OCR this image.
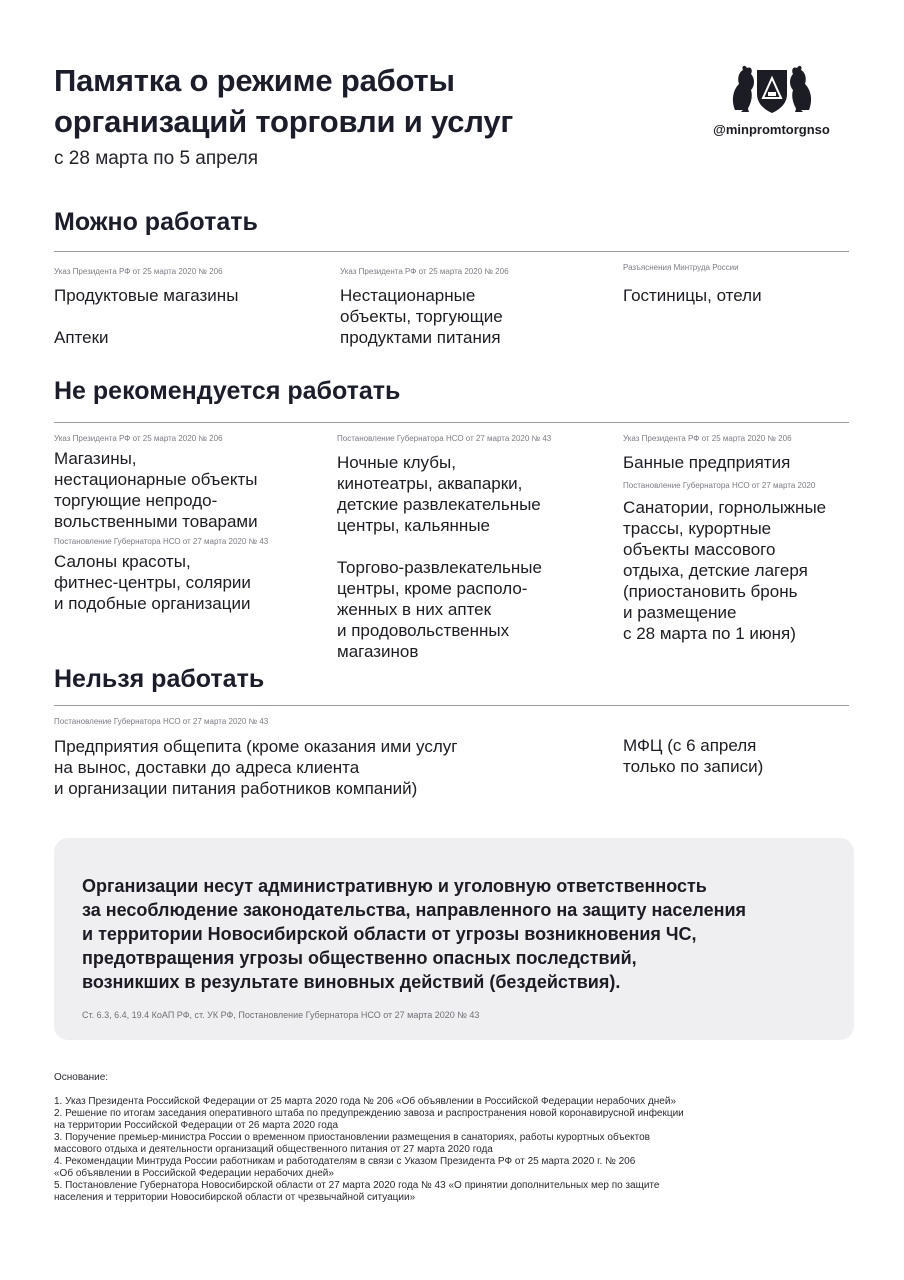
Памятка о режиме работы
организаций торговли и услуг
с 28 марта по 5 апреля
@minpromtorgnso
Можно работать
Указ Президента РФ от 25 марта 2020 № 206
Продуктовые магазины
Аптеки
Указ Президента РФ от 25 марта 2020 № 206
Нестационарные
объекты, торгующие
продуктами питания
Разъяснения Минтруда России
Гостиницы, отели
Не рекомендуется работать
Указ Президента РФ от 25 марта 2020 № 206
Магазины,
нестационарные объекты
торгующие непродо-
вольственными товарами
Постановление Губернатора НСО от 27 марта 2020 № 43
Салоны красоты,
фитнес-центры, солярии
и подобные организации
Постановление Губернатора НСО от 27 марта 2020 № 43
Ночные клубы,
кинотеатры, аквапарки,
детские развлекательные
центры, кальянные
Торгово-развлекательные
центры, кроме располо-
женных в них аптек
и продовольственных
магазинов
Указ Президента РФ от 25 марта 2020 № 206
Банные предприятия
Постановление Губернатора НСО от 27 марта 2020
Санатории, горнолыжные
трассы, курортные
объекты массового
отдыха, детские лагеря
(приостановить бронь
и размещение
с 28 марта по 1 июня)
Нельзя работать
Постановление Губернатора НСО от 27 марта 2020 № 43
Предприятия общепита (кроме оказания ими услуг
на вынос, доставки до адреса клиента
и организации питания работников компаний)
МФЦ (с 6 апреля
только по записи)
Организации несут административную и уголовную ответственность
за несоблюдение законодательства, направленного на защиту населения
и территории Новосибирской области от угрозы возникновения ЧС,
предотвращения угрозы общественно опасных последствий,
возникших в результате виновных действий (бездействия).
Ст. 6.3, 6.4, 19.4 КоАП РФ, ст. УК РФ, Постановление Губернатора НСО от 27 марта 2020 № 43
Основание:
1. Указ Президента Российской Федерации от 25 марта 2020 года № 206 «Об объявлении в Российской Федерации нерабочих дней»
2. Решение по итогам заседания оперативного штаба по предупреждению завоза и распространения новой коронавирусной инфекции
на территории Российской Федерации от 26 марта 2020 года
3. Поручение премьер-министра России о временном приостановлении размещения в санаториях, работы курортных объектов
массового отдыха и деятельности организаций общественного питания от 27 марта 2020 года
4. Рекомендации Минтруда России работникам и работодателям в связи с Указом Президента РФ от 25 марта 2020 г. № 206
«Об объявлении в Российской Федерации нерабочих дней»
5. Постановление Губернатора Новосибирской области от 27 марта 2020 года № 43 «О принятии дополнительных мер по защите
населения и территории Новосибирской области от чрезвычайной ситуации»
